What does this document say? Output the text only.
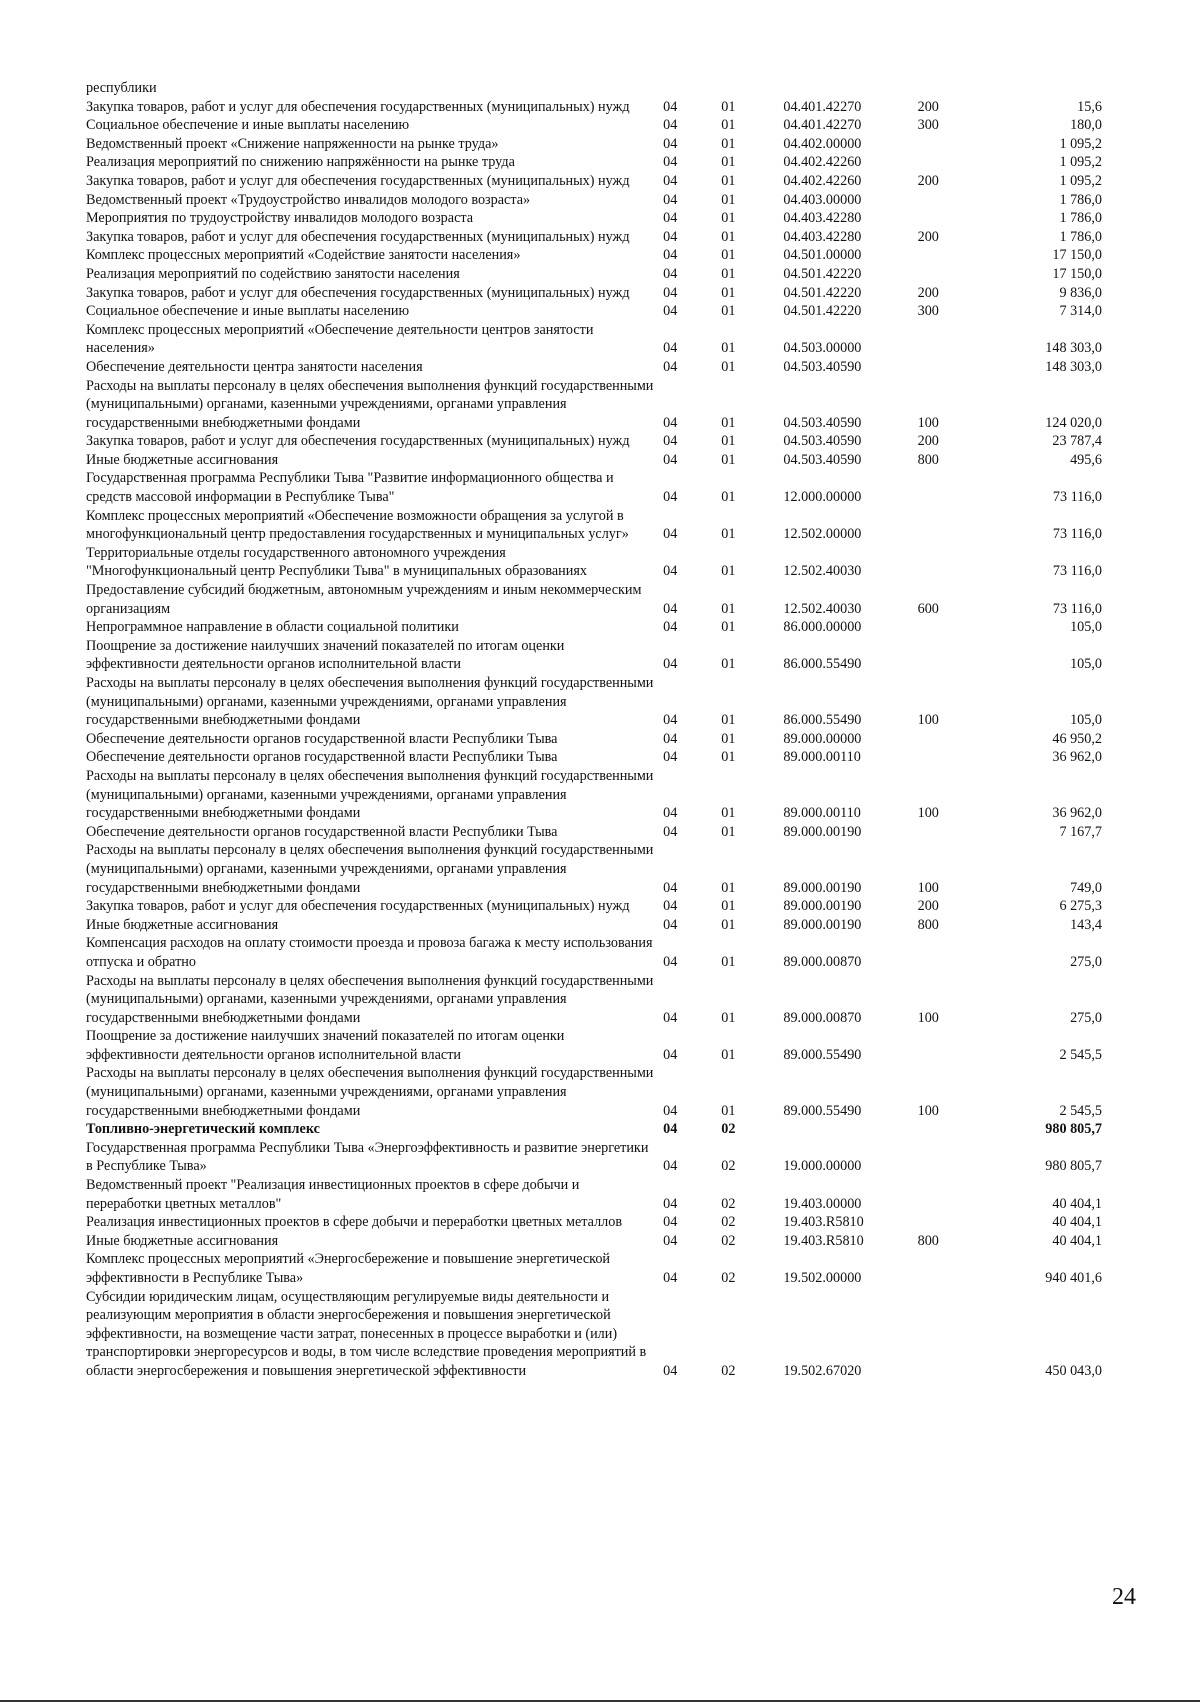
республики					
Закупка товаров, работ и услуг для обеспечения государственных (муниципальных) нужд	04	01	04.401.42270	200	15,6
Социальное обеспечение и иные выплаты населению	04	01	04.401.42270	300	180,0
Ведомственный проект «Снижение напряженности на рынке труда»	04	01	04.402.00000		1 095,2
Реализация мероприятий по снижению напряжённости на рынке труда	04	01	04.402.42260		1 095,2
Закупка товаров, работ и услуг для обеспечения государственных (муниципальных) нужд	04	01	04.402.42260	200	1 095,2
Ведомственный проект «Трудоустройство инвалидов молодого возраста»	04	01	04.403.00000		1 786,0
Мероприятия по трудоустройству инвалидов молодого возраста	04	01	04.403.42280		1 786,0
Закупка товаров, работ и услуг для обеспечения государственных (муниципальных) нужд	04	01	04.403.42280	200	1 786,0
Комплекс процессных мероприятий «Содействие занятости населения»	04	01	04.501.00000		17 150,0
Реализация мероприятий по содействию занятости населения	04	01	04.501.42220		17 150,0
Закупка товаров, работ и услуг для обеспечения государственных (муниципальных) нужд	04	01	04.501.42220	200	9 836,0
Социальное обеспечение и иные выплаты населению	04	01	04.501.42220	300	7 314,0
Комплекс процессных мероприятий «Обеспечение деятельности центров занятости населения»	04	01	04.503.00000		148 303,0
Обеспечение деятельности центра занятости населения	04	01	04.503.40590		148 303,0
Расходы на выплаты персоналу в целях обеспечения выполнения функций государственными (муниципальными) органами, казенными учреждениями, органами управления государственными внебюджетными фондами	04	01	04.503.40590	100	124 020,0
Закупка товаров, работ и услуг для обеспечения государственных (муниципальных) нужд	04	01	04.503.40590	200	23 787,4
Иные бюджетные ассигнования	04	01	04.503.40590	800	495,6
Государственная программа Республики Тыва "Развитие информационного общества и средств массовой информации в Республике Тыва"	04	01	12.000.00000		73 116,0
Комплекс процессных мероприятий «Обеспечение возможности обращения за услугой в многофункциональный центр предоставления государственных и муниципальных услуг»	04	01	12.502.00000		73 116,0
Территориальные отделы государственного автономного учреждения "Многофункциональный центр Республики Тыва" в муниципальных образованиях	04	01	12.502.40030		73 116,0
Предоставление субсидий бюджетным, автономным учреждениям и иным некоммерческим организациям	04	01	12.502.40030	600	73 116,0
Непрограммное направление в области социальной политики	04	01	86.000.00000		105,0
Поощрение за достижение наилучших значений показателей по итогам оценки эффективности деятельности органов исполнительной власти	04	01	86.000.55490		105,0
Расходы на выплаты персоналу в целях обеспечения выполнения функций государственными (муниципальными) органами, казенными учреждениями, органами управления государственными внебюджетными фондами	04	01	86.000.55490	100	105,0
Обеспечение деятельности органов государственной власти Республики Тыва	04	01	89.000.00000		46 950,2
Обеспечение деятельности органов государственной власти Республики Тыва	04	01	89.000.00110		36 962,0
Расходы на выплаты персоналу в целях обеспечения выполнения функций государственными (муниципальными) органами, казенными учреждениями, органами управления государственными внебюджетными фондами	04	01	89.000.00110	100	36 962,0
Обеспечение деятельности органов государственной власти Республики Тыва	04	01	89.000.00190		7 167,7
Расходы на выплаты персоналу в целях обеспечения выполнения функций государственными (муниципальными) органами, казенными учреждениями, органами управления государственными внебюджетными фондами	04	01	89.000.00190	100	749,0
Закупка товаров, работ и услуг для обеспечения государственных (муниципальных) нужд	04	01	89.000.00190	200	6 275,3
Иные бюджетные ассигнования	04	01	89.000.00190	800	143,4
Компенсация расходов на оплату стоимости проезда и провоза багажа к месту использования отпуска и обратно	04	01	89.000.00870		275,0
Расходы на выплаты персоналу в целях обеспечения выполнения функций государственными (муниципальными) органами, казенными учреждениями, органами управления государственными внебюджетными фондами	04	01	89.000.00870	100	275,0
Поощрение за достижение наилучших значений показателей по итогам оценки эффективности деятельности органов исполнительной власти	04	01	89.000.55490		2 545,5
Расходы на выплаты персоналу в целях обеспечения выполнения функций государственными (муниципальными) органами, казенными учреждениями, органами управления государственными внебюджетными фондами	04	01	89.000.55490	100	2 545,5
Топливно-энергетический комплекс	04	02			980 805,7
Государственная программа Республики Тыва «Энергоэффективность и развитие энергетики в Республике Тыва»	04	02	19.000.00000		980 805,7
Ведомственный проект "Реализация инвестиционных проектов в сфере добычи и переработки цветных металлов"	04	02	19.403.00000		40 404,1
Реализация инвестиционных проектов в сфере добычи и переработки цветных металлов	04	02	19.403.R5810		40 404,1
Иные бюджетные ассигнования	04	02	19.403.R5810	800	40 404,1
Комплекс процессных мероприятий «Энергосбережение и повышение энергетической эффективности в Республике Тыва»	04	02	19.502.00000		940 401,6
Субсидии юридическим лицам, осуществляющим регулируемые виды деятельности и реализующим мероприятия в области энергосбережения и повышения энергетической эффективности, на возмещение части затрат, понесенных в процессе выработки и (или) транспортировки энергоресурсов и воды, в том числе вследствие проведения мероприятий в области энергосбережения и повышения энергетической эффективности	04	02	19.502.67020		450 043,0
24
